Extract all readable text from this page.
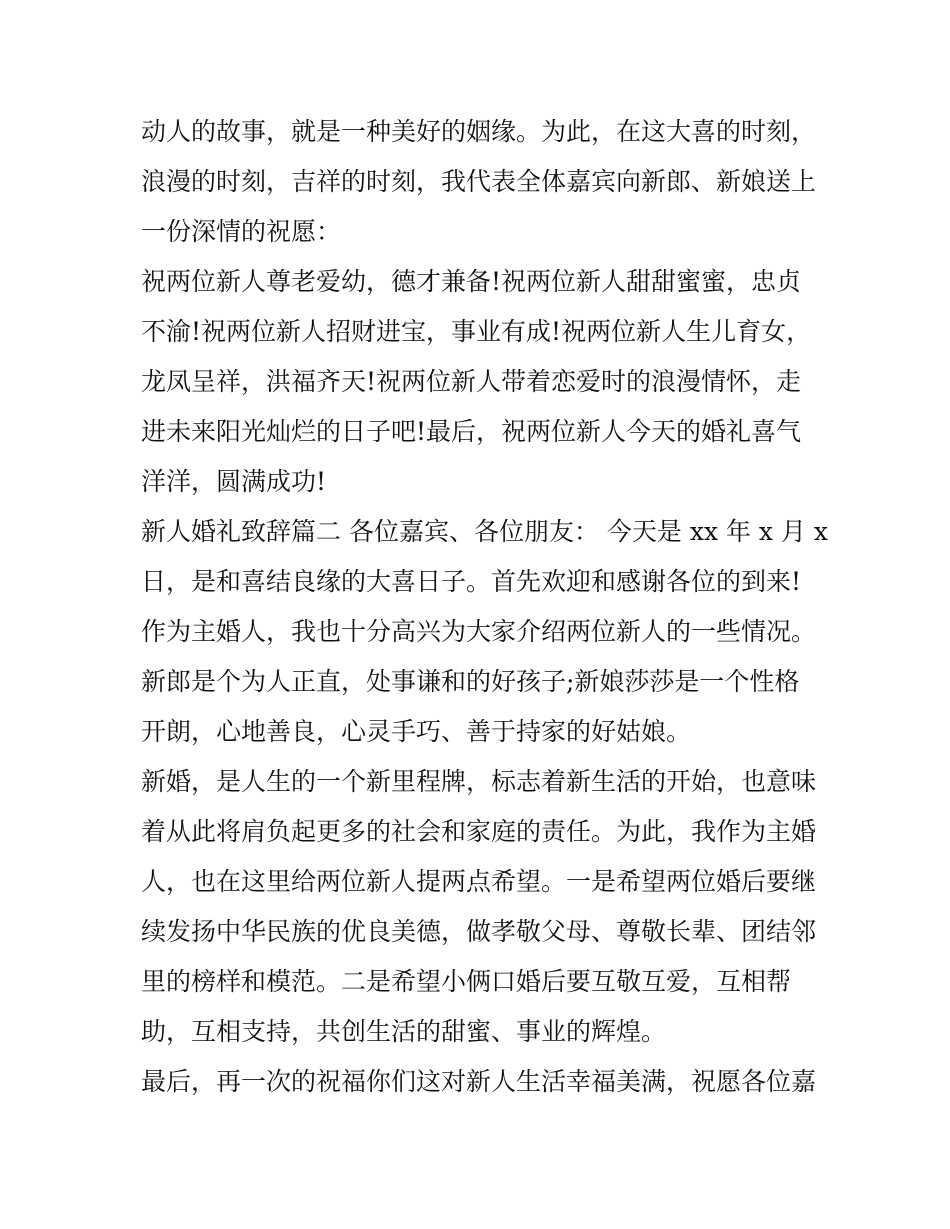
动人的故事，就是一种美好的姻缘。为此，在这大喜的时刻，

浪漫的时刻，吉祥的时刻，我代表全体嘉宾向新郎、新娘送上

一份深情的祝愿：

祝两位新人尊老爱幼，德才兼备!祝两位新人甜甜蜜蜜，忠贞

不渝!祝两位新人招财进宝，事业有成!祝两位新人生儿育女，

龙凤呈祥，洪福齐天!祝两位新人带着恋爱时的浪漫情怀，走

进未来阳光灿烂的日子吧!最后，祝两位新人今天的婚礼喜气

洋洋，圆满成功!

新人婚礼致辞篇二 各位嘉宾、各位朋友： 今天是 xx 年 x 月 x

日，是和喜结良缘的大喜日子。首先欢迎和感谢各位的到来!

作为主婚人，我也十分高兴为大家介绍两位新人的一些情况。

新郎是个为人正直，处事谦和的好孩子;新娘莎莎是一个性格

开朗，心地善良，心灵手巧、善于持家的好姑娘。

新婚，是人生的一个新里程牌，标志着新生活的开始，也意味

着从此将肩负起更多的社会和家庭的责任。为此，我作为主婚

人，也在这里给两位新人提两点希望。一是希望两位婚后要继

续发扬中华民族的优良美德，做孝敬父母、尊敬长辈、团结邻

里的榜样和模范。二是希望小俩口婚后要互敬互爱，互相帮

助，互相支持，共创生活的甜蜜、事业的辉煌。

最后，再一次的祝福你们这对新人生活幸福美满，祝愿各位嘉
